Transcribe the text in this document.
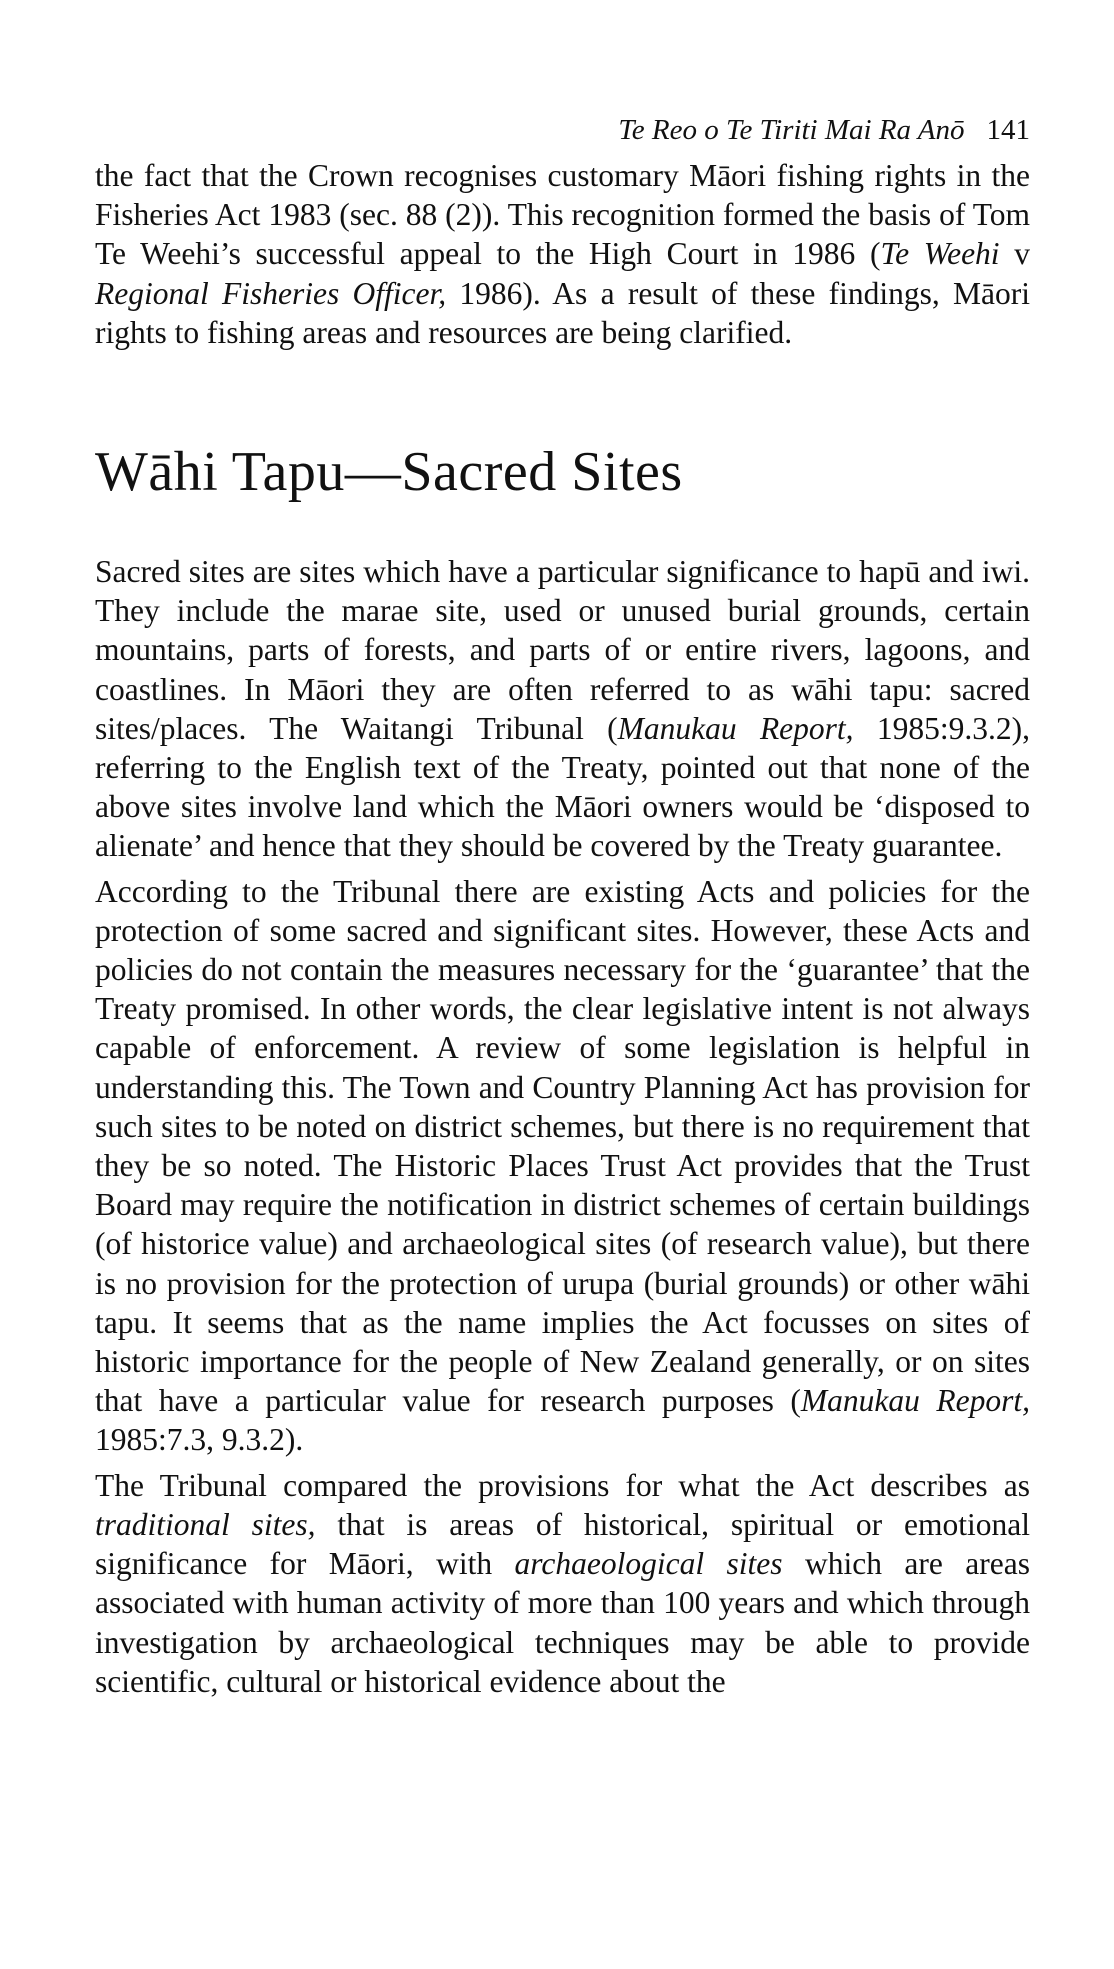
Te Reo o Te Tiriti Mai Ra Anō 141

the fact that the Crown recognises customary Māori fishing rights in the Fisheries Act 1983 (sec. 88 (2)). This recognition formed the basis of Tom Te Weehi’s successful appeal to the High Court in 1986 (Te Weehi v Regional Fisheries Officer, 1986). As a result of these findings, Māori rights to fishing areas and resources are being clarified.

Wāhi Tapu—Sacred Sites

Sacred sites are sites which have a particular significance to hapū and iwi. They include the marae site, used or unused burial grounds, certain mountains, parts of forests, and parts of or entire rivers, lagoons, and coastlines. In Māori they are often referred to as wāhi tapu: sacred sites/places. The Waitangi Tribunal (Manukau Report, 1985:9.3.2), referring to the English text of the Treaty, pointed out that none of the above sites involve land which the Māori owners would be ‘disposed to alienate’ and hence that they should be covered by the Treaty guarantee.

According to the Tribunal there are existing Acts and policies for the protection of some sacred and significant sites. However, these Acts and policies do not contain the measures necessary for the ‘guarantee’ that the Treaty promised. In other words, the clear legislative intent is not always capable of enforcement. A review of some legislation is helpful in understanding this. The Town and Country Planning Act has provision for such sites to be noted on district schemes, but there is no requirement that they be so noted. The Historic Places Trust Act provides that the Trust Board may require the notification in district schemes of certain buildings (of historice value) and archaeological sites (of research value), but there is no provision for the protection of urupa (burial grounds) or other wāhi tapu. It seems that as the name implies the Act focusses on sites of historic importance for the people of New Zealand generally, or on sites that have a particular value for research purposes (Manukau Report, 1985:7.3, 9.3.2).

The Tribunal compared the provisions for what the Act describes as traditional sites, that is areas of historical, spiritual or emotional significance for Māori, with archaeological sites which are areas associated with human activity of more than 100 years and which through investigation by archaeological techniques may be able to provide scientific, cultural or historical evidence about the
